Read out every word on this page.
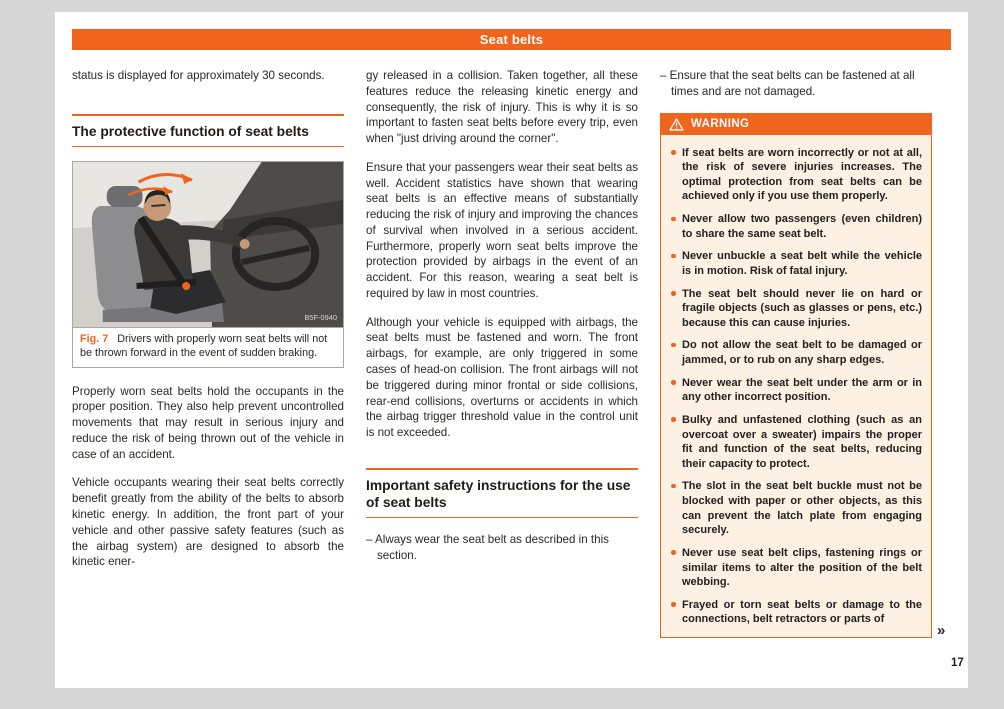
Seat belts

status is displayed for approximately 30 seconds.

The protective function of seat belts
B5F-0940
Fig. 7 Drivers with properly worn seat belts will not be thrown forward in the event of sudden braking.

Properly worn seat belts hold the occupants in the proper position. They also help prevent uncontrolled movements that may result in serious injury and reduce the risk of being thrown out of the vehicle in case of an accident.

Vehicle occupants wearing their seat belts correctly benefit greatly from the ability of the belts to absorb kinetic energy. In addition, the front part of your vehicle and other passive safety features (such as the airbag system) are designed to absorb the kinetic ener-

gy released in a collision. Taken together, all these features reduce the releasing kinetic energy and consequently, the risk of injury. This is why it is so important to fasten seat belts before every trip, even when "just driving around the corner".

Ensure that your passengers wear their seat belts as well. Accident statistics have shown that wearing seat belts is an effective means of substantially reducing the risk of injury and improving the chances of survival when involved in a serious accident. Furthermore, properly worn seat belts improve the protection provided by airbags in the event of an accident. For this reason, wearing a seat belt is required by law in most countries.

Although your vehicle is equipped with airbags, the seat belts must be fastened and worn. The front airbags, for example, are only triggered in some cases of head-on collision. The front airbags will not be triggered during minor frontal or side collisions, rear-end collisions, overturns or accidents in which the airbag trigger threshold value in the control unit is not exceeded.

Important safety instructions for the use of seat belts

– Always wear the seat belt as described in this section.

– Ensure that the seat belts can be fastened at all times and are not damaged.

WARNING
If seat belts are worn incorrectly or not at all, the risk of severe injuries increases. The optimal protection from seat belts can be achieved only if you use them properly.
Never allow two passengers (even children) to share the same seat belt.
Never unbuckle a seat belt while the vehicle is in motion. Risk of fatal injury.
The seat belt should never lie on hard or fragile objects (such as glasses or pens, etc.) because this can cause injuries.
Do not allow the seat belt to be damaged or jammed, or to rub on any sharp edges.
Never wear the seat belt under the arm or in any other incorrect position.
Bulky and unfastened clothing (such as an overcoat over a sweater) impairs the proper fit and function of the seat belts, reducing their capacity to protect.
The slot in the seat belt buckle must not be blocked with paper or other objects, as this can prevent the latch plate from engaging securely.
Never use seat belt clips, fastening rings or similar items to alter the position of the belt webbing.
Frayed or torn seat belts or damage to the connections, belt retractors or parts of
»
17
